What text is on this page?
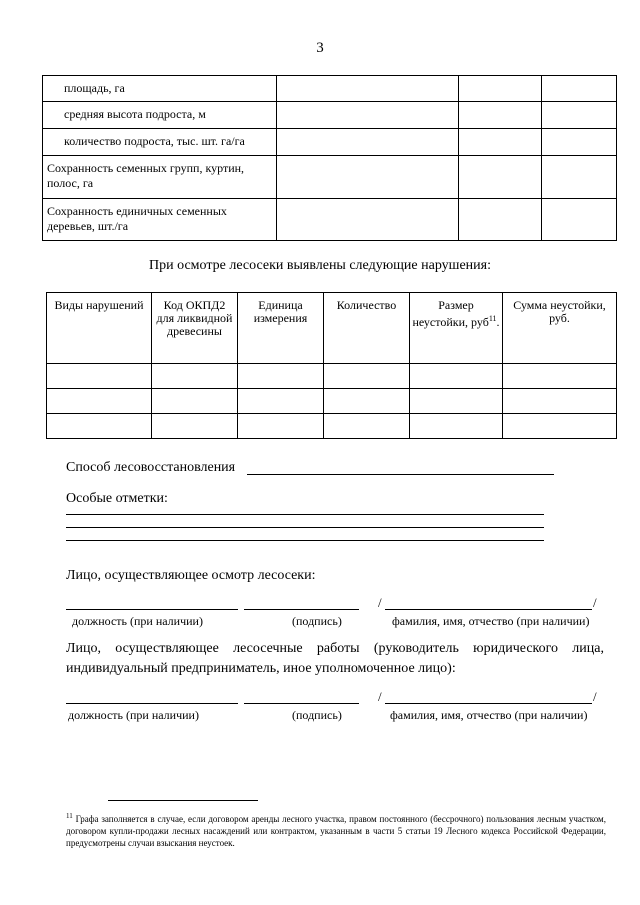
3
площадь, га			
средняя высота подроста, м			
количество подроста, тыс. шт. га/га			
Сохранность семенных групп, куртин, полос, га			
Сохранность единичных семенных деревьев, шт./га			
При осмотре лесосеки выявлены следующие нарушения:
Виды нарушений	Код ОКПД2 для ликвидной древесины	Единица измерения	Количество	Размер неустойки, руб$^{11}$.	Сумма неустойки, руб.

Способ лесовосстановления
Особые отметки:
Лицо, осуществляющее осмотр лесосеки:
/	/
должность (при наличии)	(подпись)	фамилия, имя, отчество (при наличии)
Лицо, осуществляющее лесосечные работы (руководитель юридического лица, индивидуальный предприниматель, иное уполномоченное лицо):
/	/
должность (при наличии)	(подпись)	фамилия, имя, отчество (при наличии)
$^{11}$ Графа заполняется в случае, если договором аренды лесного участка, правом постоянного (бессрочного) пользования лесным участком, договором купли-продажи лесных насаждений или контрактом, указанным в части 5 статьи 19 Лесного кодекса Российской Федерации, предусмотрены случаи взыскания неустоек.
